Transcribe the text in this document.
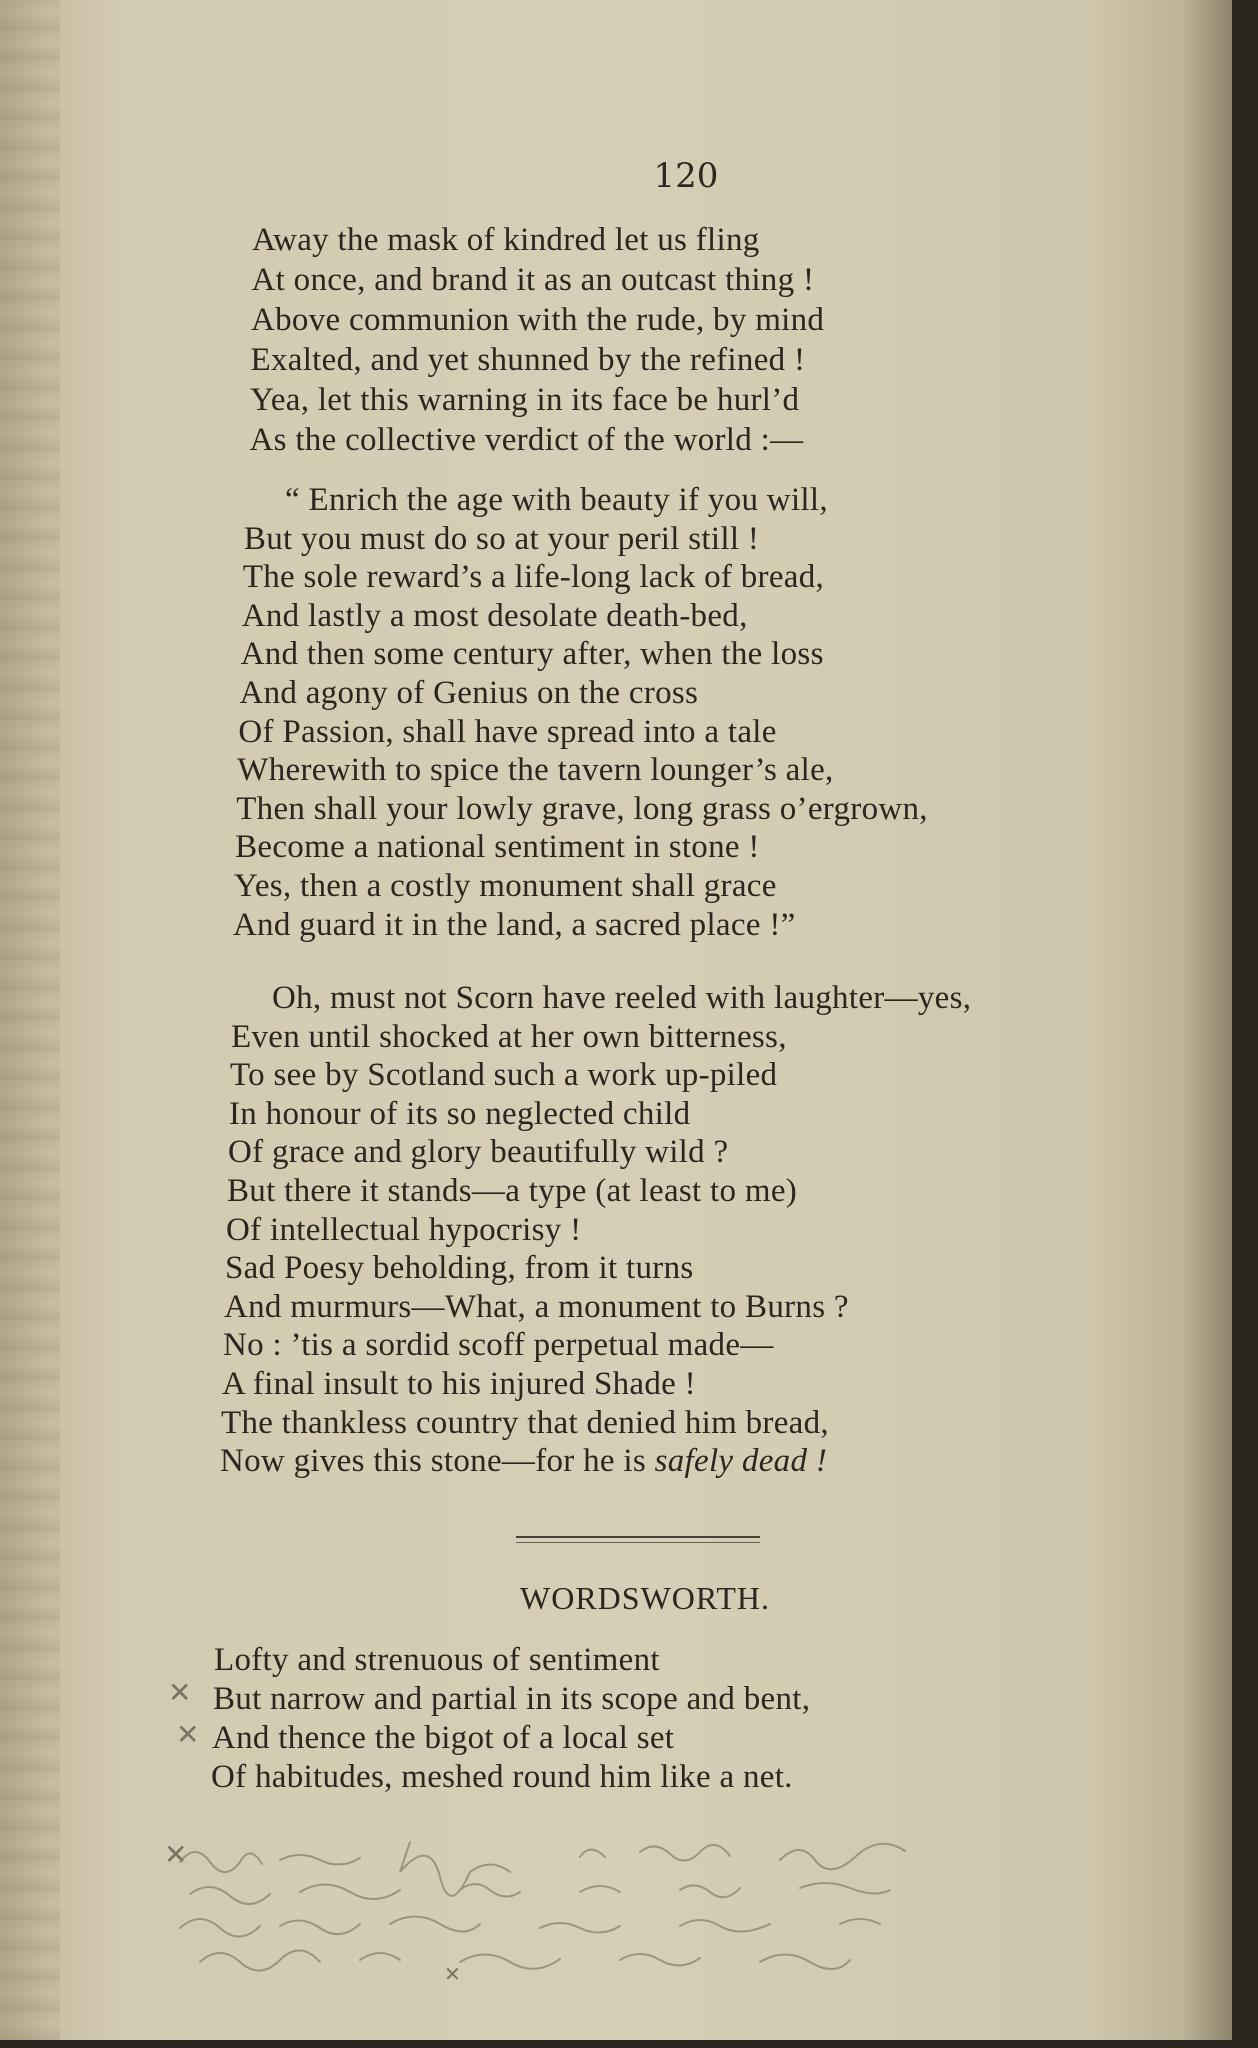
120
Away the mask of kindred let us fling
At once, and brand it as an outcast thing !
Above communion with the rude, by mind
Exalted, and yet shunned by the refined !
Yea, let this warning in its face be hurl’d
As the collective verdict of the world :—
“ Enrich the age with beauty if you will,
But you must do so at your peril still !
The sole reward’s a life-long lack of bread,
And lastly a most desolate death-bed,
And then some century after, when the loss
And agony of Genius on the cross
Of Passion, shall have spread into a tale
Wherewith to spice the tavern lounger’s ale,
Then shall your lowly grave, long grass o’ergrown,
Become a national sentiment in stone !
Yes, then a costly monument shall grace
And guard it in the land, a sacred place !”
Oh, must not Scorn have reeled with laughter—yes,
Even until shocked at her own bitterness,
To see by Scotland such a work up-piled
In honour of its so neglected child
Of grace and glory beautifully wild ?
But there it stands—a type (at least to me)
Of intellectual hypocrisy !
Sad Poesy beholding, from it turns
And murmurs—What, a monument to Burns ?
No : ’tis a sordid scoff perpetual made—
A final insult to his injured Shade !
The thankless country that denied him bread,
Now gives this stone—for he is safely dead !
WORDSWORTH.
Lofty and strenuous of sentiment
But narrow and partial in its scope and bent,
And thence the bigot of a local set
Of habitudes, meshed round him like a net.
✕
✕
✕
✕
